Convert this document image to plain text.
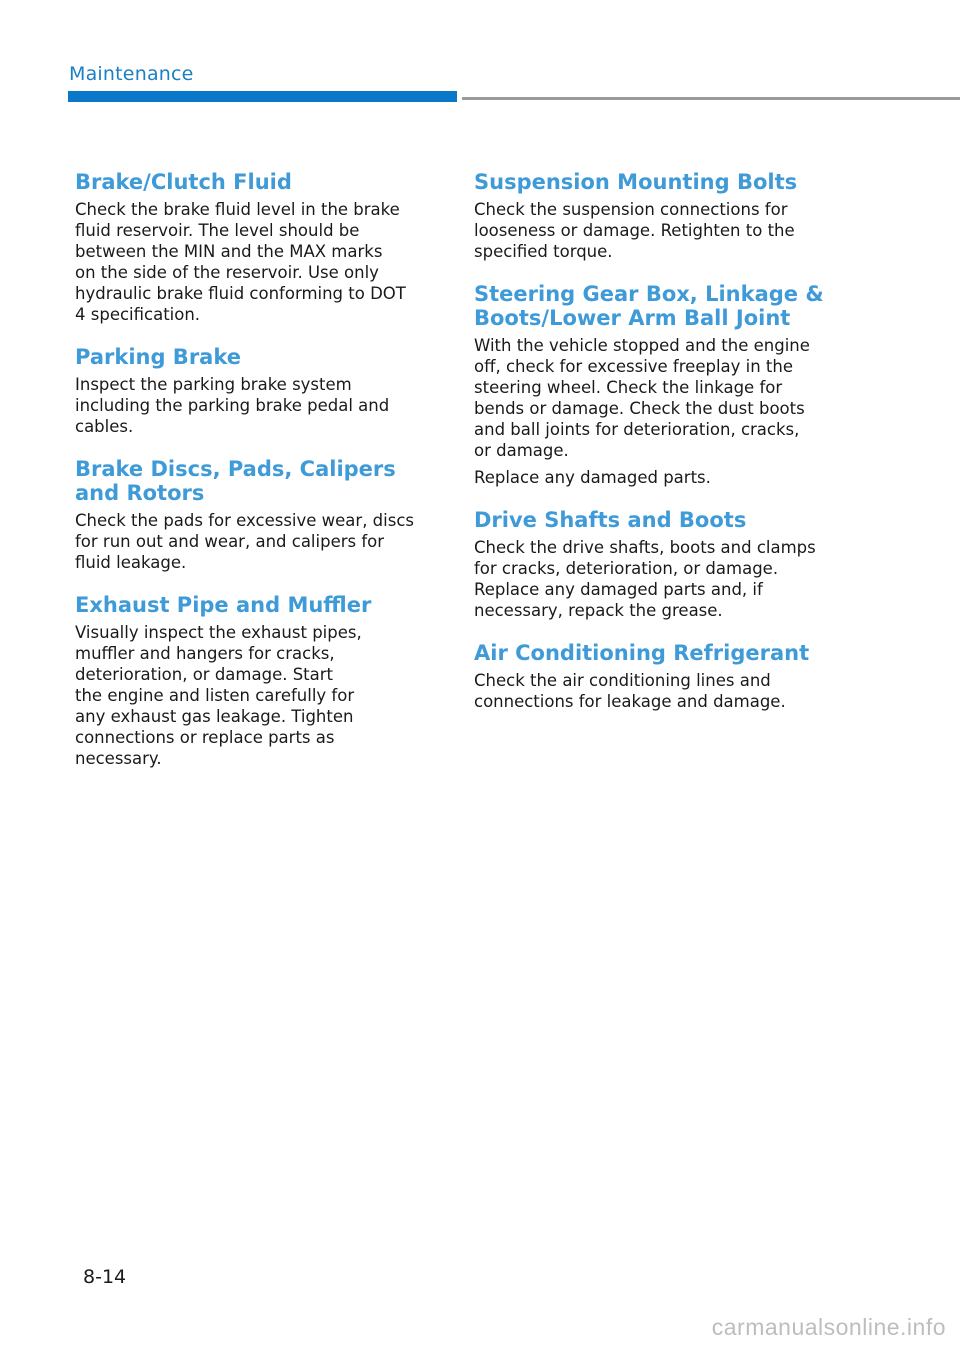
Maintenance
Brake/Clutch Fluid

Check the brake fluid level in the brake
fluid reservoir. The level should be
between the MIN and the MAX marks
on the side of the reservoir. Use only
hydraulic brake fluid conforming to DOT
4 specification.

Parking Brake

Inspect the parking brake system
including the parking brake pedal and
cables.

Brake Discs, Pads, Calipers and Rotors

Check the pads for excessive wear, discs
for run out and wear, and calipers for
fluid leakage.

Exhaust Pipe and Muffler

Visually inspect the exhaust pipes,
muffler and hangers for cracks,
deterioration, or damage. Start
the engine and listen carefully for
any exhaust gas leakage. Tighten
connections or replace parts as
necessary.

Suspension Mounting Bolts

Check the suspension connections for
looseness or damage. Retighten to the
specified torque.

Steering Gear Box, Linkage & Boots/Lower Arm Ball Joint

With the vehicle stopped and the engine
off, check for excessive freeplay in the
steering wheel. Check the linkage for
bends or damage. Check the dust boots
and ball joints for deterioration, cracks,
or damage.

Replace any damaged parts.

Drive Shafts and Boots

Check the drive shafts, boots and clamps
for cracks, deterioration, or damage.
Replace any damaged parts and, if
necessary, repack the grease.

Air Conditioning Refrigerant

Check the air conditioning lines and
connections for leakage and damage.

8-14
carmanualsonline.info
